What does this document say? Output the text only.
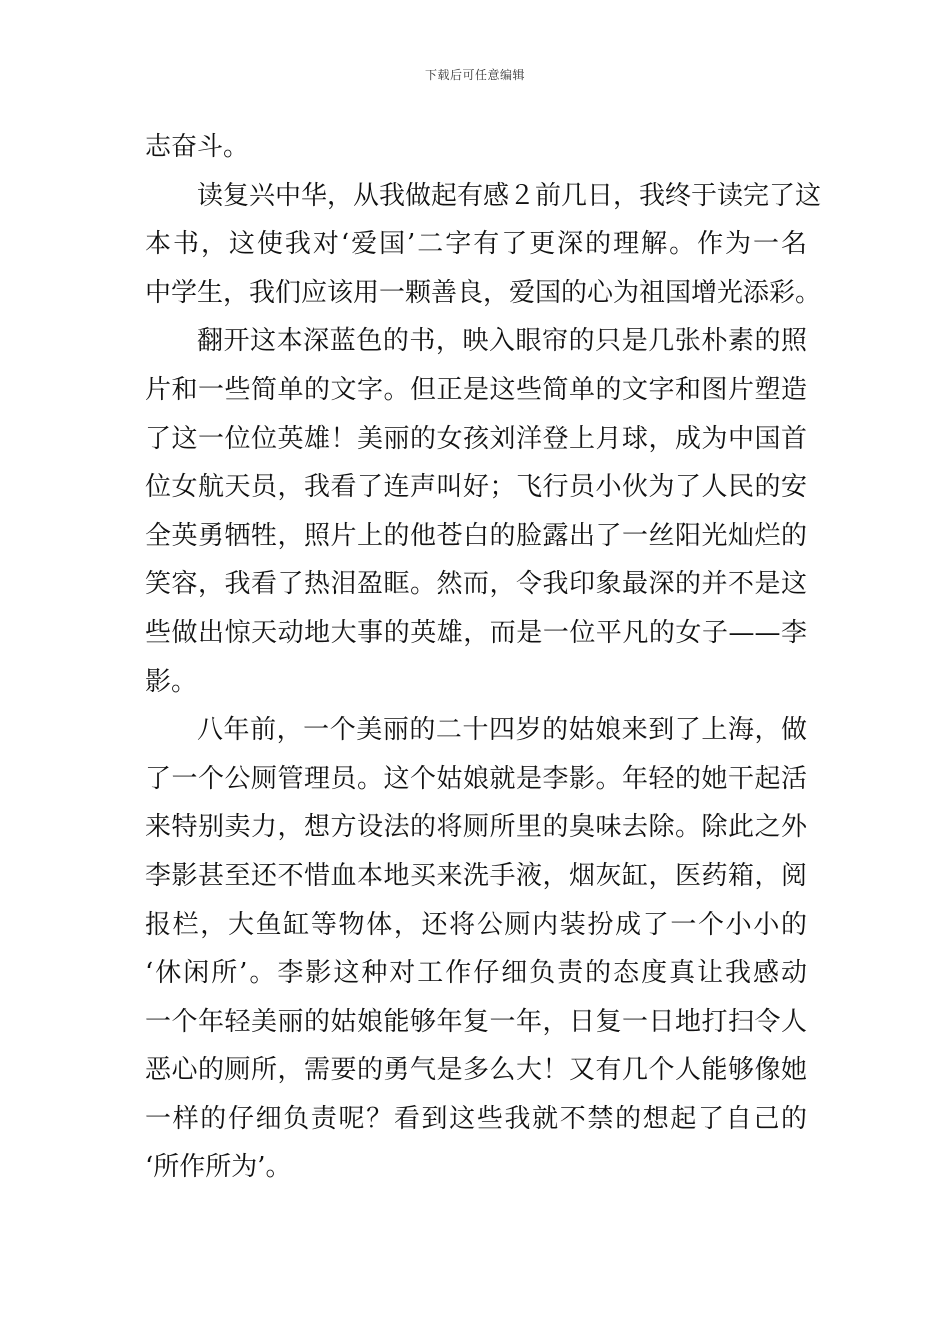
下载后可任意编辑
志奋斗。
读复兴中华，从我做起有感２前几日，我终于读完了这
本书，这使我对‘爱国’二字有了更深的理解。作为一名
中学生，我们应该用一颗善良，爱国的心为祖国增光添彩。
翻开这本深蓝色的书，映入眼帘的只是几张朴素的照
片和一些简单的文字。但正是这些简单的文字和图片塑造
了这一位位英雄！美丽的女孩刘洋登上月球，成为中国首
位女航天员，我看了连声叫好；飞行员小伙为了人民的安
全英勇牺牲，照片上的他苍白的脸露出了一丝阳光灿烂的
笑容，我看了热泪盈眶。然而，令我印象最深的并不是这
些做出惊天动地大事的英雄，而是一位平凡的女子——李
影。
八年前，一个美丽的二十四岁的姑娘来到了上海，做
了一个公厕管理员。这个姑娘就是李影。年轻的她干起活
来特别卖力，想方设法的将厕所里的臭味去除。除此之外
李影甚至还不惜血本地买来洗手液，烟灰缸，医药箱，阅
报栏，大鱼缸等物体，还将公厕内装扮成了一个小小的
‘休闲所’。李影这种对工作仔细负责的态度真让我感动
一个年轻美丽的姑娘能够年复一年，日复一日地打扫令人
恶心的厕所，需要的勇气是多么大！又有几个人能够像她
一样的仔细负责呢？看到这些我就不禁的想起了自己的
‘所作所为’。
